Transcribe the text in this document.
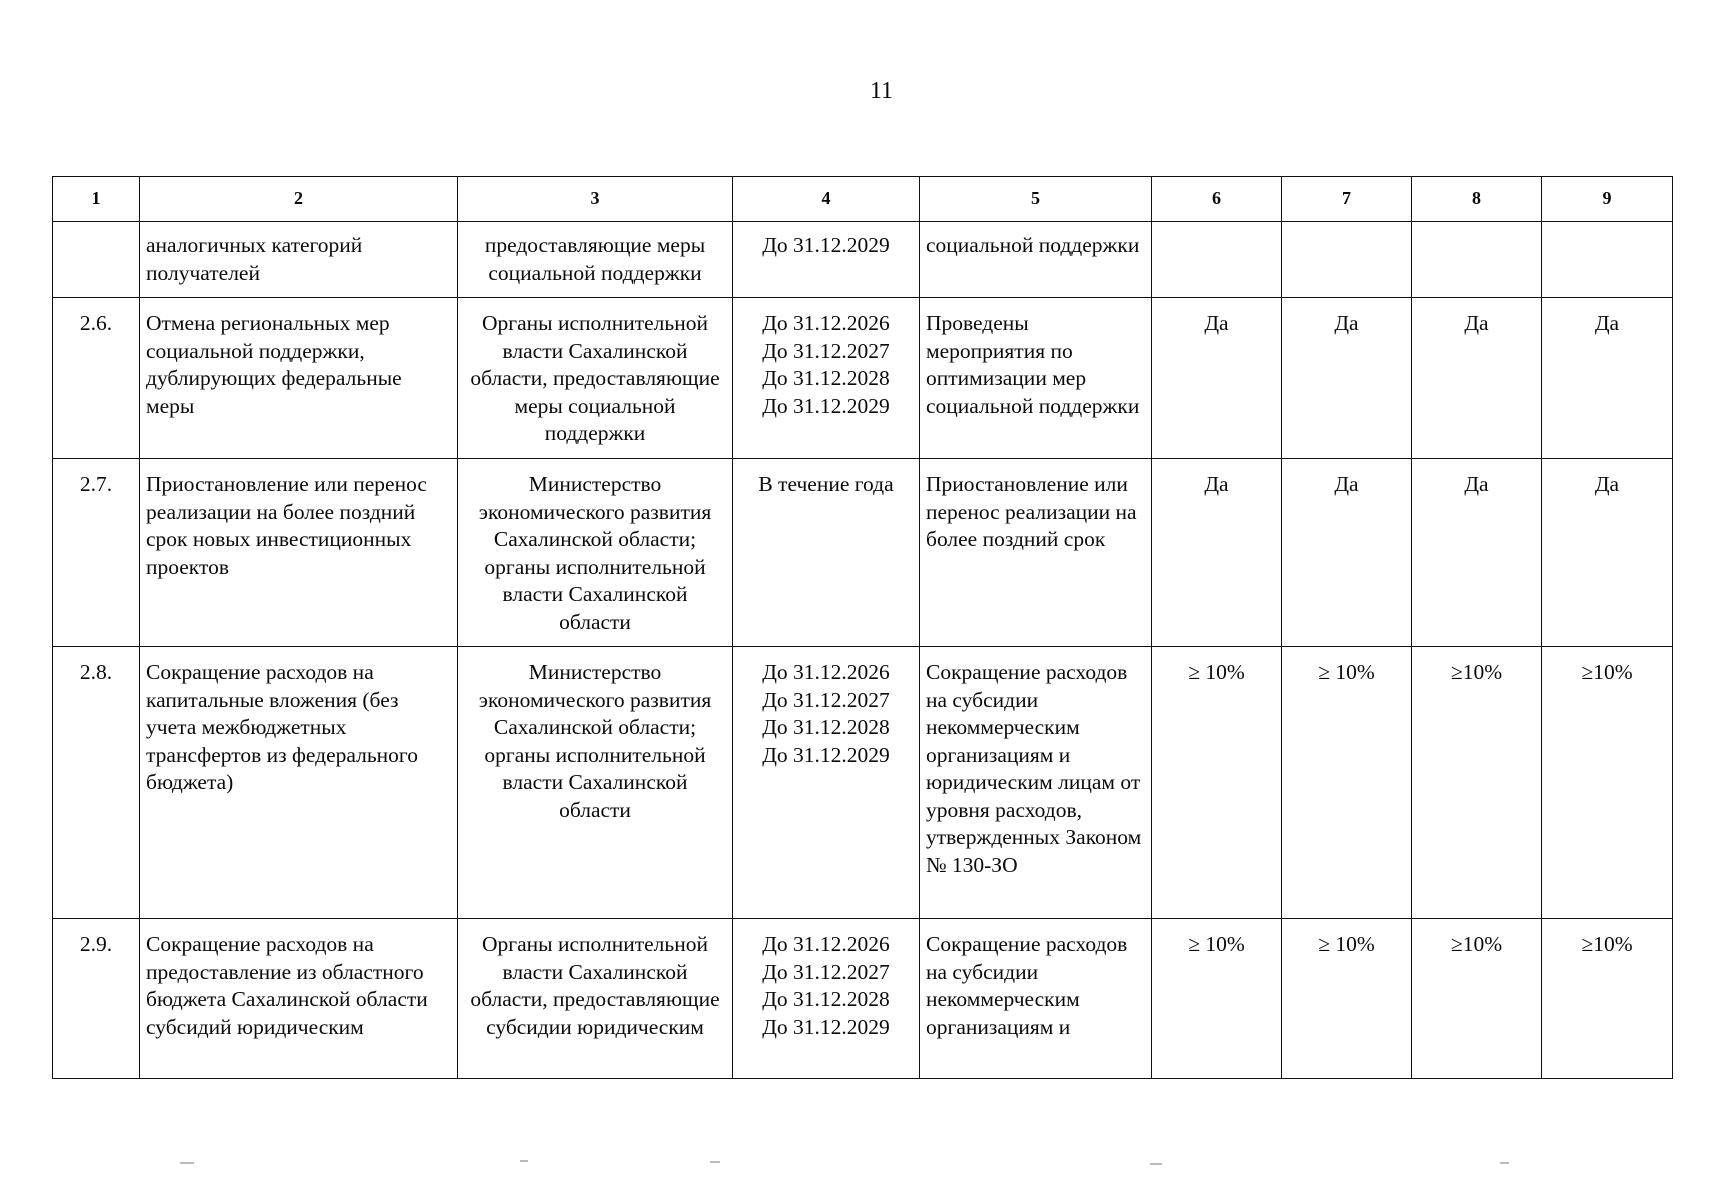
11
1	2	3	4	5	6	7	8	9

	аналогичных категорий получателей	предоставляющие меры социальной поддержки	До 31.12.2029	социальной поддержки				

2.6.	Отмена региональных мер социальной поддержки, дублирующих федеральные меры	Органы исполнительной власти Сахалинской области, предоставляющие меры социальной поддержки	До 31.12.2026
До 31.12.2027
До 31.12.2028
До 31.12.2029	Проведены мероприятия по оптимизации мер социальной поддержки	Да	Да	Да	Да

2.7.	Приостановление или перенос реализации на более поздний срок новых инвестиционных проектов	Министерство экономического развития Сахалинской области; органы исполнительной власти Сахалинской области	В течение года	Приостановление или перенос реализации на более поздний срок	Да	Да	Да	Да

2.8.	Сокращение расходов на капитальные вложения (без учета межбюджетных трансфертов из федерального бюджета)	Министерство экономического развития Сахалинской области; органы исполнительной власти Сахалинской области	До 31.12.2026
До 31.12.2027
До 31.12.2028
До 31.12.2029	Сокращение расходов на субсидии некоммерческим организациям и юридическим лицам от уровня расходов, утвержденных Законом № 130-ЗО	≥ 10%	≥ 10%	≥10%	≥10%

2.9.	Сокращение расходов на предоставление из областного бюджета Сахалинской области субсидий юридическим	Органы исполнительной власти Сахалинской области, предоставляющие субсидии юридическим	До 31.12.2026
До 31.12.2027
До 31.12.2028
До 31.12.2029	Сокращение расходов на субсидии некоммерческим организациям и	≥ 10%	≥ 10%	≥10%	≥10%
